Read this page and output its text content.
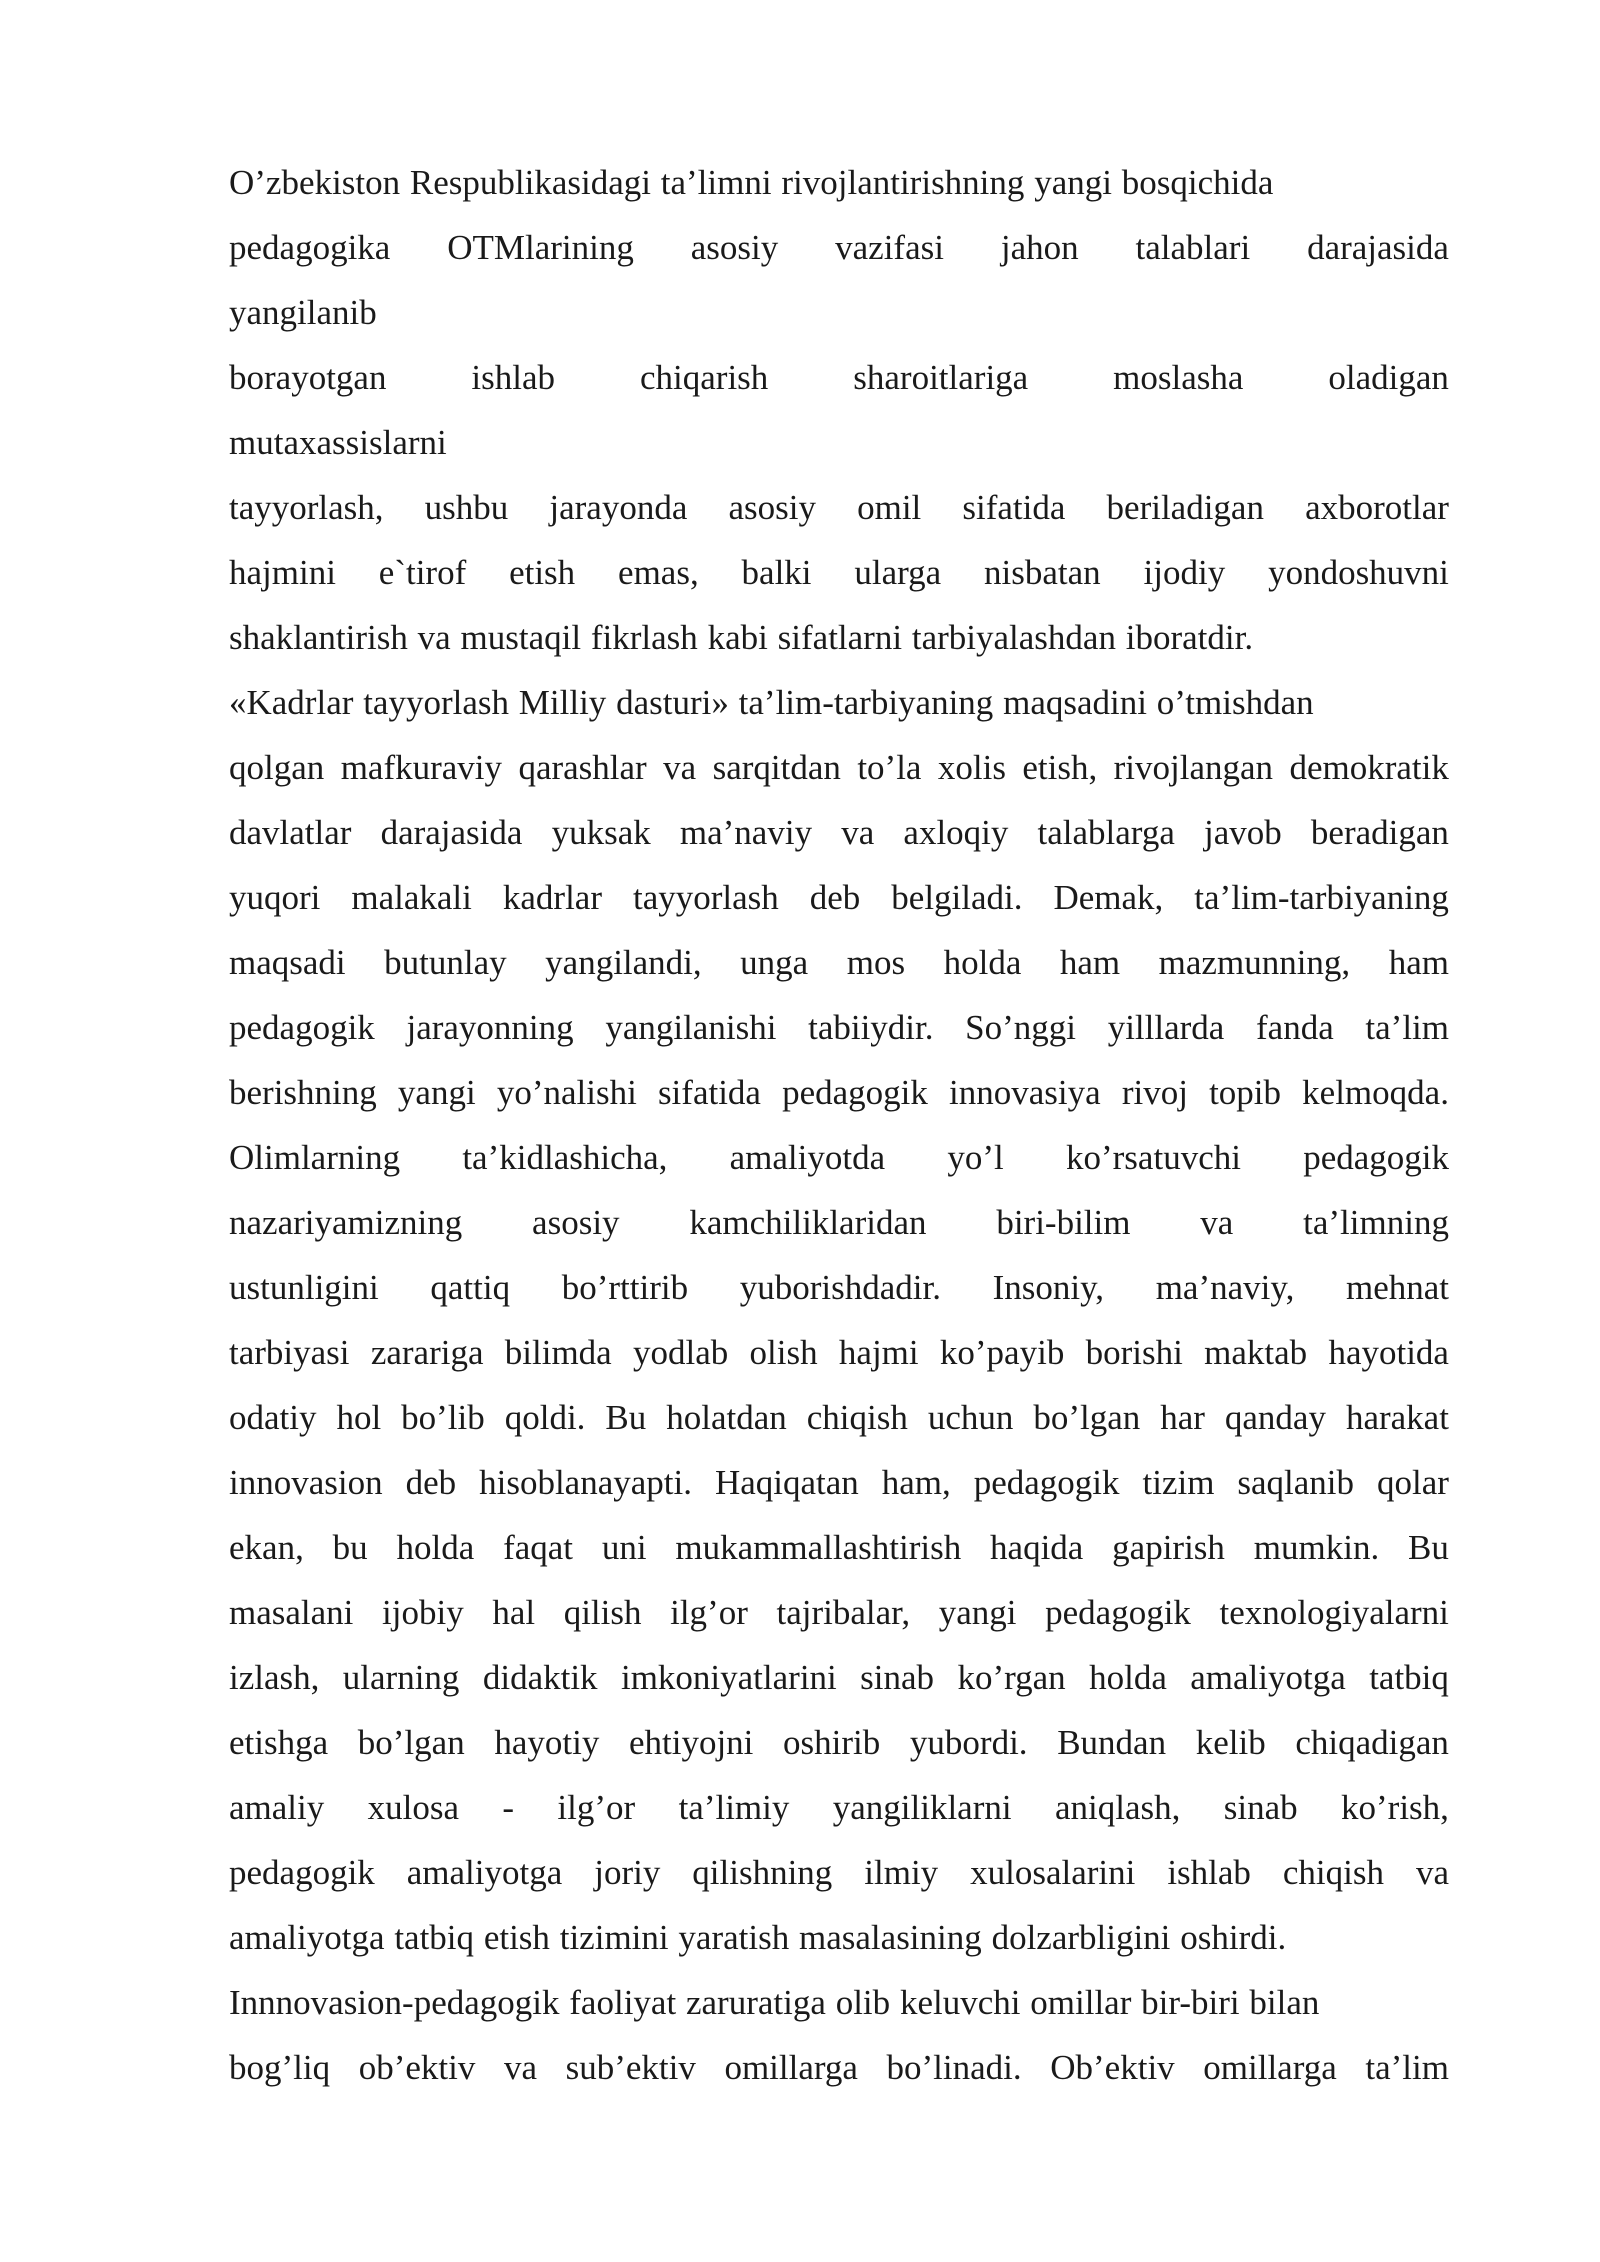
O’zbekiston Respublikasidagi ta’limni rivojlantirishning yangi bosqichida
pedagogika OTMlarining asosiy vazifasi jahon talablari darajasida
yangilanib
borayotgan ishlab chiqarish sharoitlariga moslasha oladigan
mutaxassislarni
tayyorlash, ushbu jarayonda asosiy omil sifatida beriladigan axborotlar
hajmini e`tirof etish emas, balki ularga nisbatan ijodiy yondoshuvni
shaklantirish va mustaqil fikrlash kabi sifatlarni tarbiyalashdan iboratdir.
«Kadrlar tayyorlash Milliy dasturi» ta’lim-tarbiyaning maqsadini o’tmishdan
qolgan mafkuraviy qarashlar va sarqitdan to’la xolis etish, rivojlangan demokratik
davlatlar darajasida yuksak ma’naviy va axloqiy talablarga javob beradigan
yuqori malakali kadrlar tayyorlash deb belgiladi. Demak, ta’lim-tarbiyaning
maqsadi butunlay yangilandi, unga mos holda ham mazmunning, ham
pedagogik jarayonning yangilanishi tabiiydir. So’nggi yilllarda fanda ta’lim
berishning yangi yo’nalishi sifatida pedagogik innovasiya rivoj topib kelmoqda.
Olimlarning ta’kidlashicha, amaliyotda yo’l ko’rsatuvchi pedagogik
nazariyamizning asosiy kamchiliklaridan biri-bilim va ta’limning
ustunligini qattiq bo’rttirib yuborishdadir. Insoniy, ma’naviy, mehnat
tarbiyasi zarariga bilimda yodlab olish hajmi ko’payib borishi maktab hayotida
odatiy hol bo’lib qoldi. Bu holatdan chiqish uchun bo’lgan har qanday harakat
innovasion deb hisoblanayapti. Haqiqatan ham, pedagogik tizim saqlanib qolar
ekan, bu holda faqat uni mukammallashtirish haqida gapirish mumkin. Bu
masalani ijobiy hal qilish ilg’or tajribalar, yangi pedagogik texnologiyalarni
izlash, ularning didaktik imkoniyatlarini sinab ko’rgan holda amaliyotga tatbiq
etishga bo’lgan hayotiy ehtiyojni oshirib yubordi. Bundan kelib chiqadigan
amaliy xulosa - ilg’or ta’limiy yangiliklarni aniqlash, sinab ko’rish,
pedagogik amaliyotga joriy qilishning ilmiy xulosalarini ishlab chiqish va
amaliyotga tatbiq etish tizimini yaratish masalasining dolzarbligini oshirdi.
Innnovasion-pedagogik faoliyat zaruratiga olib keluvchi omillar bir-biri bilan
bog’liq ob’ektiv va sub’ektiv omillarga bo’linadi. Ob’ektiv omillarga ta’lim
